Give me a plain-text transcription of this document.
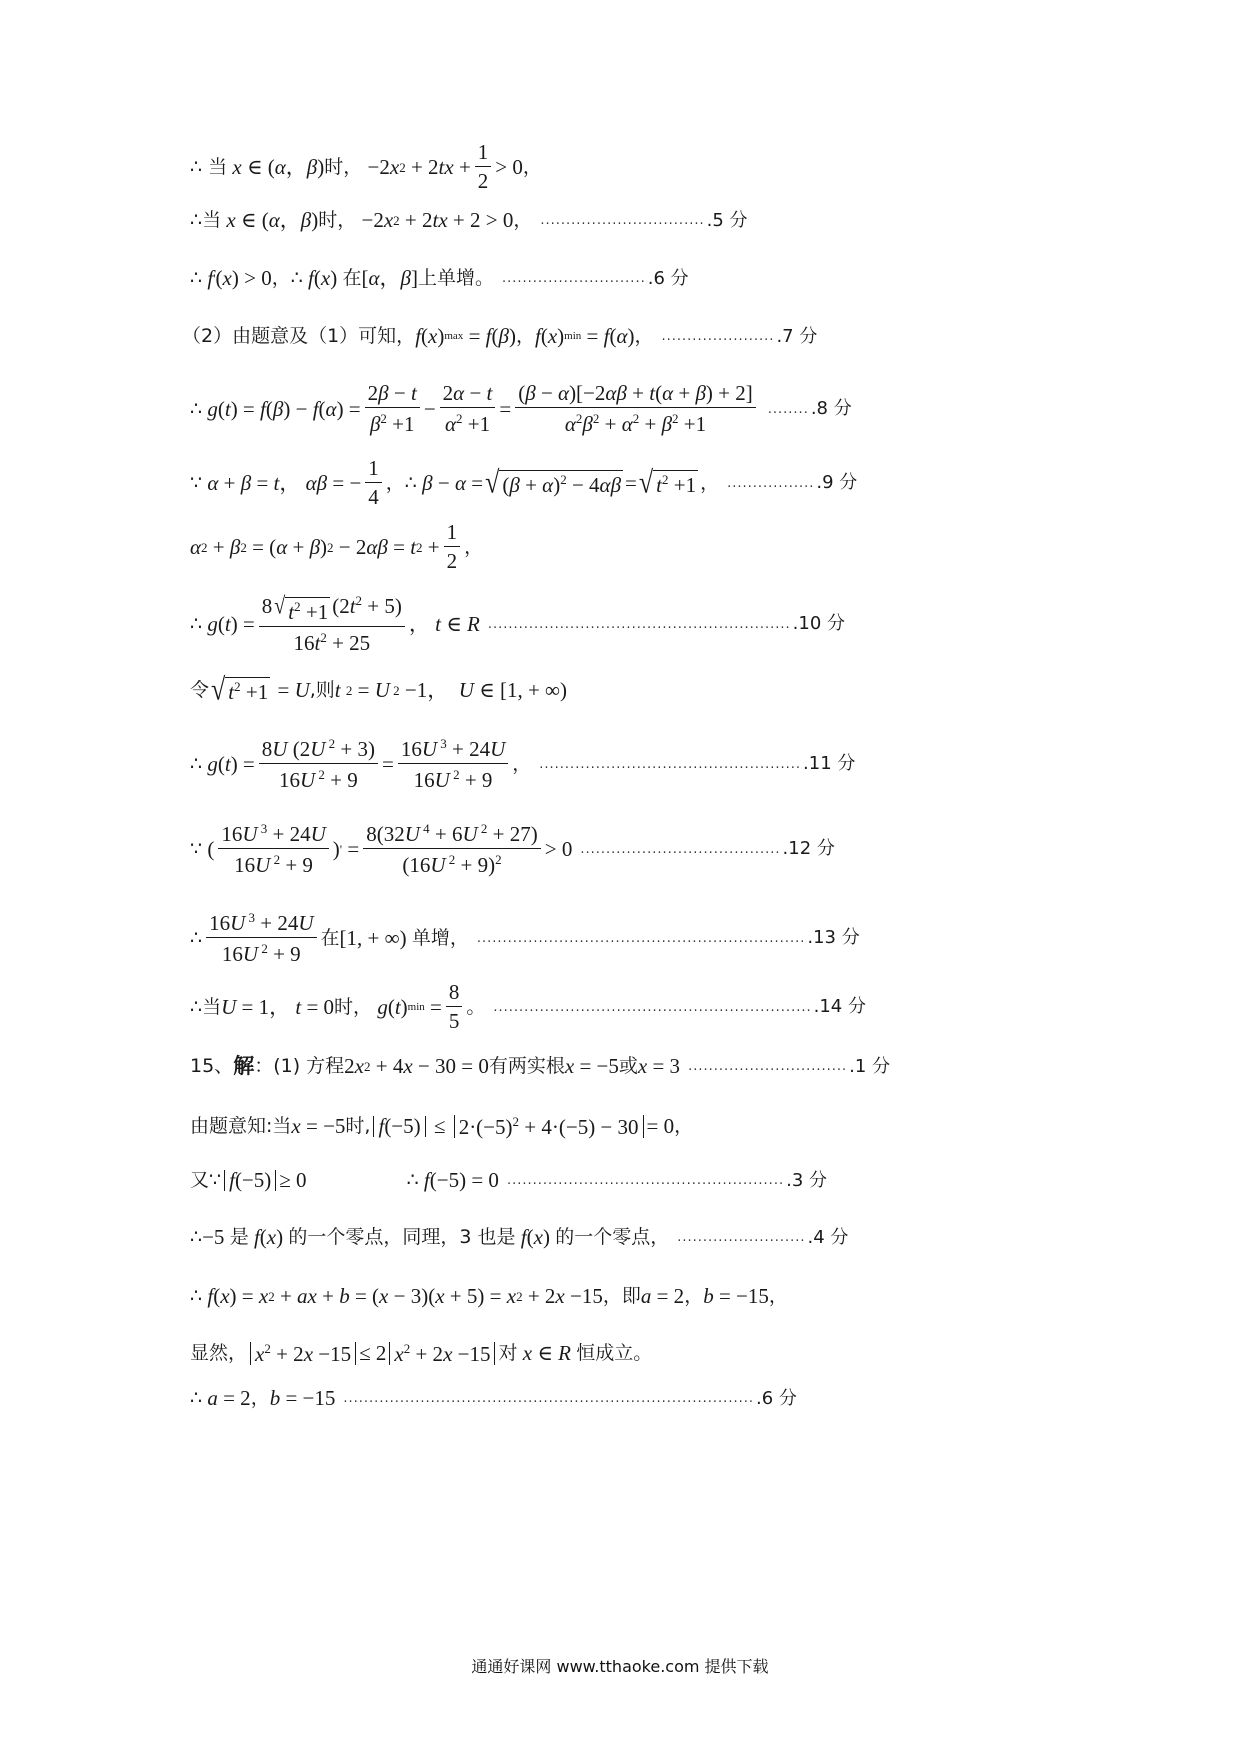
∴ 当 x ∈ ( α ， β ) 时， −2 x 2 + 2 tx + $\frac{1}{2} > 0$ ，
∴当 x ∈ ( α ， β ) 时， −2 x 2 + 2 tx + 2 > 0 ， ................................ .5 分
∴ f ' ( x ) > 0 ，∴ f ( x ) 在 [ α ， β ] 上单增。 ............................ .6 分
（2）由题意及（1）可知， f ( x ) max = f ( β ) ， f ( x ) min = f ( α ) ， ...................... .7 分
∴ g ( t ) = f ( β ) − f ( α ) = $\frac{2\beta - t}{\beta^2 +1} - \frac{2\alpha - t}{\alpha^2 +1} = \frac{(\beta - \alpha)[-2\alpha\beta + t(\alpha + \beta) + 2]}{\alpha^2\beta^2 + \alpha^2 + \beta^2 +1}$ ........ .8 分
∵ α + β = t ， αβ = − $\frac{1}{4}$ ，∴ β − α = √ $(\beta + \alpha)^2 - 4\alpha\beta$ = √ $t^2 +1$ ， ................. .9 分
α 2 + β 2 = ( α + β ) 2 − 2 αβ = t $2 + \frac{1}{2}$ ，
∴ g ( t ) = $\frac{8 √ t^2 +1 (2t^2 + 5)}{16t^2 + 25}$ ， t ∈ R ........................................................... .10 分
令 √ $t^2 +1 = U$ ,则 t
2 = U 2 −1， U ∈ [1, + ∞)
∴ g ( t ) = $\frac{8U (2U ^2 + 3)}{16U ^2 + 9} = \frac{16U ^3 + 24U}{16U ^2 + 9}$ ， ................................................... .11 分
∵ ( $\frac{16U ^3 + 24U}{16U ^2 + 9}$ ) ' = $\frac{8(32U ^4 + 6U ^2 + 27)}{(16U ^2 + 9)^2} > 0$ ....................................... .12 分
∴ $\frac{16U ^3 + 24U}{16U ^2 + 9}$ 在 [1, + ∞) 单增， ................................................................ .13 分
∴当 U = 1， t = 0 时，
g ( t ) $\min = \frac{8}{5}$ 。 .............................................................. .14 分
15、 解 ：(1) 方程 2 x 2 + 4 x − 30 = 0 有两实根 x = −5 或 x = 3 ............................... .1 分
由题意知:当 x = −5 时, $f(-5) \le 2\cdot(-5)^2 + 4\cdot(-5) - 30 = 0$ ，
又∵ f(−5) ≥ 0	∴
f (−5) = 0 ...................................................... .3 分
∴ −5 是
f ( x ) 的一个零点，同理，3 也是
f ( x ) 的一个零点， ......................... .4 分
∴
f ( x ) = x 2 + ax + b = ( x − 3)( x + 5) = x 2 + 2 x −15 ，即 a = 2 ， b = −15 ，
显然， $x^2 + 2x -15 \le 2$ $x^2 + 2x -15$ 对
x ∈ R
恒成立。
∴ a = 2 ， b = −15 ................................................................................ .6 分
通通好课网 www.tthaoke.com 提供下载
